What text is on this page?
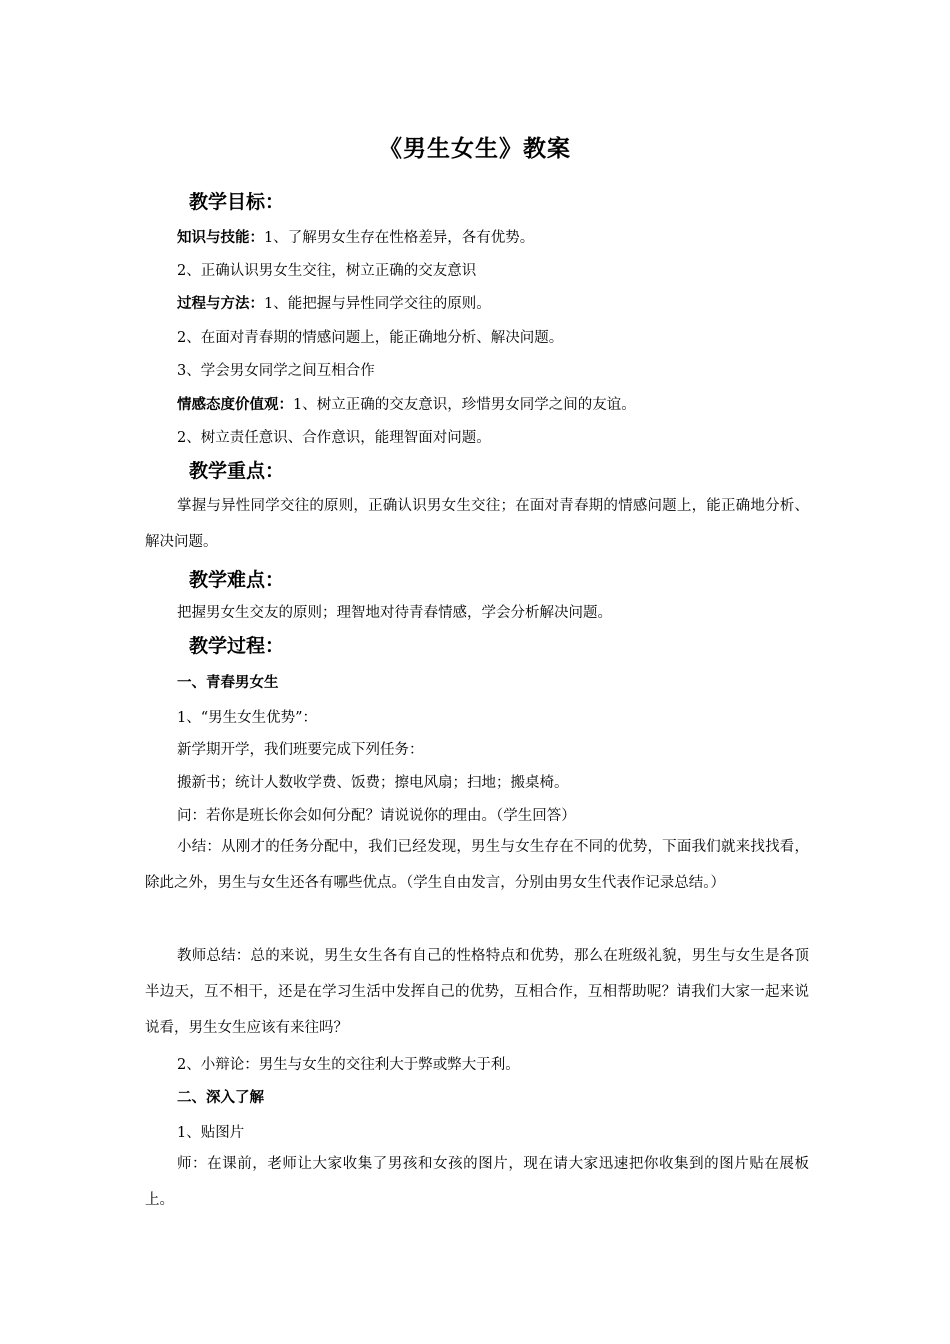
《男生女生》教案
教学目标：
知识与技能：1、了解男女生存在性格差异，各有优势。
2、正确认识男女生交往，树立正确的交友意识
过程与方法：1、能把握与异性同学交往的原则。
2、在面对青春期的情感问题上，能正确地分析、解决问题。
3、学会男女同学之间互相合作
情感态度价值观：1、树立正确的交友意识，珍惜男女同学之间的友谊。
2、树立责任意识、合作意识，能理智面对问题。
教学重点：
掌握与异性同学交往的原则，正确认识男女生交往；在面对青春期的情感问题上，能正确地分析、解决问题。
教学难点：
把握男女生交友的原则；理智地对待青春情感，学会分析解决问题。
教学过程：
一、青春男女生
1、“男生女生优势”：
新学期开学，我们班要完成下列任务：
搬新书；统计人数收学费、饭费；擦电风扇；扫地；搬桌椅。
问：若你是班长你会如何分配？请说说你的理由。（学生回答）
小结：从刚才的任务分配中，我们已经发现，男生与女生存在不同的优势，下面我们就来找找看，除此之外，男生与女生还各有哪些优点。（学生自由发言，分别由男女生代表作记录总结。）
教师总结：总的来说，男生女生各有自己的性格特点和优势，那么在班级礼貌，男生与女生是各顶半边天，互不相干，还是在学习生活中发挥自己的优势，互相合作，互相帮助呢？请我们大家一起来说说看，男生女生应该有来往吗？
2、小辩论：男生与女生的交往利大于弊或弊大于利。
二、深入了解
1、贴图片
师：在课前，老师让大家收集了男孩和女孩的图片，现在请大家迅速把你收集到的图片贴在展板上。
